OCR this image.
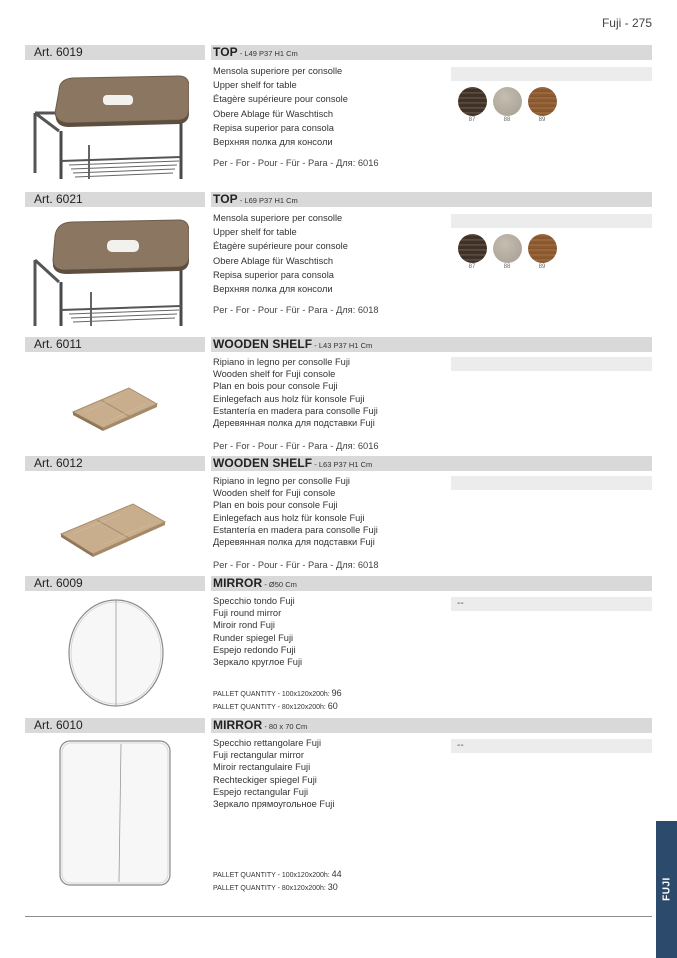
Fuji - 275
Art. 6019	TOP - L49 P37 H1 Cm
Mensola superiore per consolle
Upper shelf for table
Étagère supérieure pour console
Obere Ablage für Waschtisch
Repisa superior para consola
Верхняя полка для консоли
Per - For - Pour - Für - Para - Для: 6016
87	88	89
Art. 6021	TOP - L69 P37 H1 Cm
Mensola superiore per consolle
Upper shelf for table
Étagère supérieure pour console
Obere Ablage für Waschtisch
Repisa superior para consola
Верхняя полка для консоли
Per - For - Pour - Für - Para - Для: 6018
87	88	89
Art. 6011	WOODEN SHELF - L43 P37 H1 Cm
Ripiano in legno per consolle Fuji
Wooden shelf for Fuji console
Plan en bois pour console Fuji
Einlegefach aus holz für konsole Fuji
Estantería en madera para consolle Fuji
Деревянная полка для подставки Fuji
Per - For - Pour - Für - Para - Для: 6016
Art. 6012	WOODEN SHELF - L63 P37 H1 Cm
Ripiano in legno per consolle Fuji
Wooden shelf for Fuji console
Plan en bois pour console Fuji
Einlegefach aus holz für konsole Fuji
Estantería en madera para consolle Fuji
Деревянная полка для подставки Fuji
Per - For - Pour - Für - Para - Для: 6018
Art. 6009	MIRROR - Ø50 Cm
Specchio tondo Fuji
Fuji round mirror
Miroir rond Fuji
Runder spiegel Fuji
Espejo redondo Fuji
Зеркало круглое Fuji
--
PALLET QUANTITY - 100x120x200h: 96
PALLET QUANTITY - 80x120x200h: 60
Art. 6010	MIRROR - 80 x 70 Cm
Specchio rettangolare Fuji
Fuji rectangular mirror
Miroir rectangulaire Fuji
Rechteckiger spiegel Fuji
Espejo rectangular Fuji
Зеркало прямоугольное Fuji
--
PALLET QUANTITY - 100x120x200h: 44
PALLET QUANTITY - 80x120x200h: 30	FUJI
